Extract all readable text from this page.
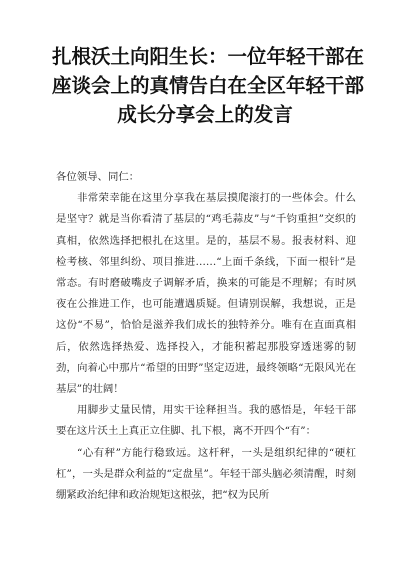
扎根沃土向阳生长：一位年轻干部在
座谈会上的真情告白在全区年轻干部
成长分享会上的发言

各位领导、同仁：

非常荣幸能在这里分享我在基层摸爬滚打的一些体会。什么是坚守？就是当你看清了基层的“鸡毛蒜皮”与“千钧重担”交织的真相，依然选择把根扎在这里。是的，基层不易。报表材料、迎检考核、邻里纠纷、项目推进……“上面千条线，下面一根针”是常态。有时磨破嘴皮子调解矛盾，换来的可能是不理解；有时夙夜在公推进工作，也可能遭遇质疑。但请别误解，我想说，正是这份“不易”，恰恰是滋养我们成长的独特养分。唯有在直面真相后，依然选择热爱、选择投入，才能积蓄起那股穿透迷雾的韧劲，向着心中那片“希望的田野”坚定迈进，最终领略“无限风光在基层”的壮阔！

用脚步丈量民情，用实干诠释担当。我的感悟是，年轻干部要在这片沃土上真正立住脚、扎下根，离不开四个“有”：

“心有秤”方能行稳致远。这杆秤，一头是组织纪律的“硬杠杠”，一头是群众利益的“定盘星”。年轻干部头脑必须清醒，时刻绷紧政治纪律和政治规矩这根弦，把“权为民所
